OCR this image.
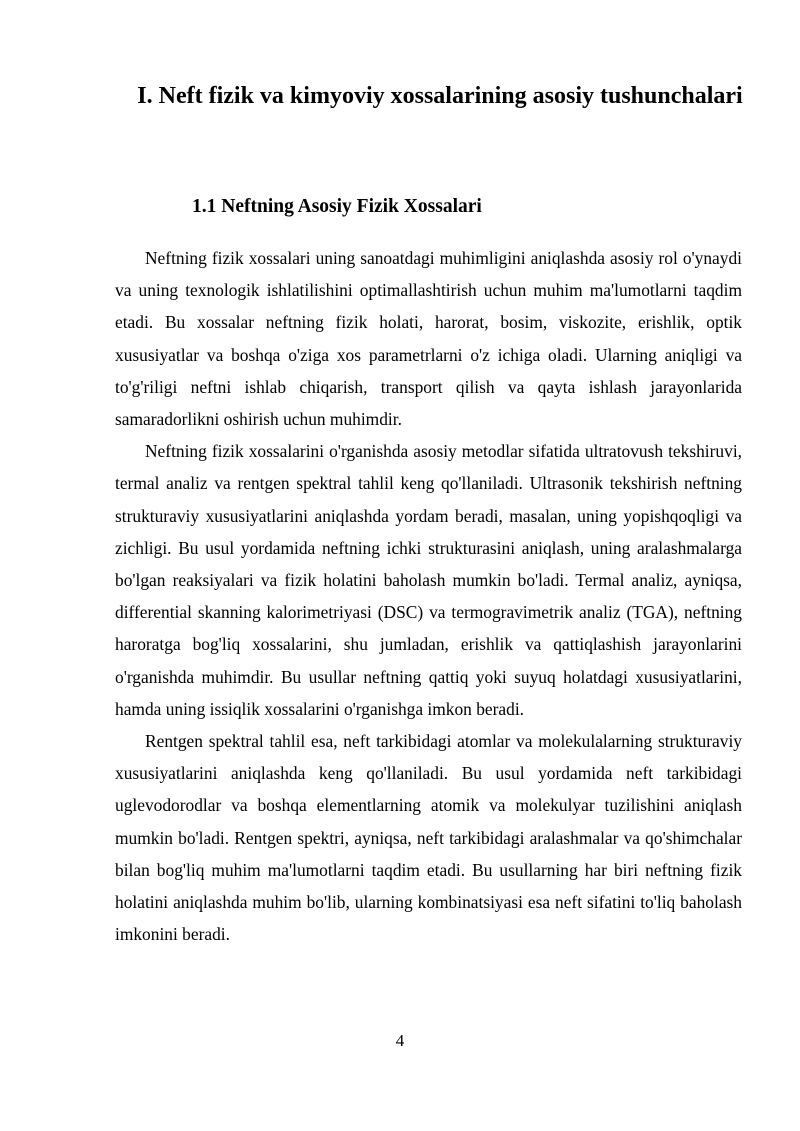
I. Neft fizik va kimyoviy xossalarining asosiy tushunchalari
1.1 Neftning Asosiy Fizik Xossalari

Neftning fizik xossalari uning sanoatdagi muhimligini aniqlashda asosiy rol o'ynaydi va uning texnologik ishlatilishini optimallashtirish uchun muhim ma'lumotlarni taqdim etadi. Bu xossalar neftning fizik holati, harorat, bosim, viskozite, erishlik, optik xususiyatlar va boshqa o'ziga xos parametrlarni o'z ichiga oladi. Ularning aniqligi va to'g'riligi neftni ishlab chiqarish, transport qilish va qayta ishlash jarayonlarida samaradorlikni oshirish uchun muhimdir.

Neftning fizik xossalarini o'rganishda asosiy metodlar sifatida ultratovush tekshiruvi, termal analiz va rentgen spektral tahlil keng qo'llaniladi. Ultrasonik tekshirish neftning strukturaviy xususiyatlarini aniqlashda yordam beradi, masalan, uning yopishqoqligi va zichligi. Bu usul yordamida neftning ichki strukturasini aniqlash, uning aralashmalarga bo'lgan reaksiyalari va fizik holatini baholash mumkin bo'ladi. Termal analiz, ayniqsa, differential skanning kalorimetriyasi (DSC) va termogravimetrik analiz (TGA), neftning haroratga bog'liq xossalarini, shu jumladan, erishlik va qattiqlashish jarayonlarini o'rganishda muhimdir. Bu usullar neftning qattiq yoki suyuq holatdagi xususiyatlarini, hamda uning issiqlik xossalarini o'rganishga imkon beradi.

Rentgen spektral tahlil esa, neft tarkibidagi atomlar va molekulalarning strukturaviy xususiyatlarini aniqlashda keng qo'llaniladi. Bu usul yordamida neft tarkibidagi uglevodorodlar va boshqa elementlarning atomik va molekulyar tuzilishini aniqlash mumkin bo'ladi. Rentgen spektri, ayniqsa, neft tarkibidagi aralashmalar va qo'shimchalar bilan bog'liq muhim ma'lumotlarni taqdim etadi. Bu usullarning har biri neftning fizik holatini aniqlashda muhim bo'lib, ularning kombinatsiyasi esa neft sifatini to'liq baholash imkonini beradi.

4
